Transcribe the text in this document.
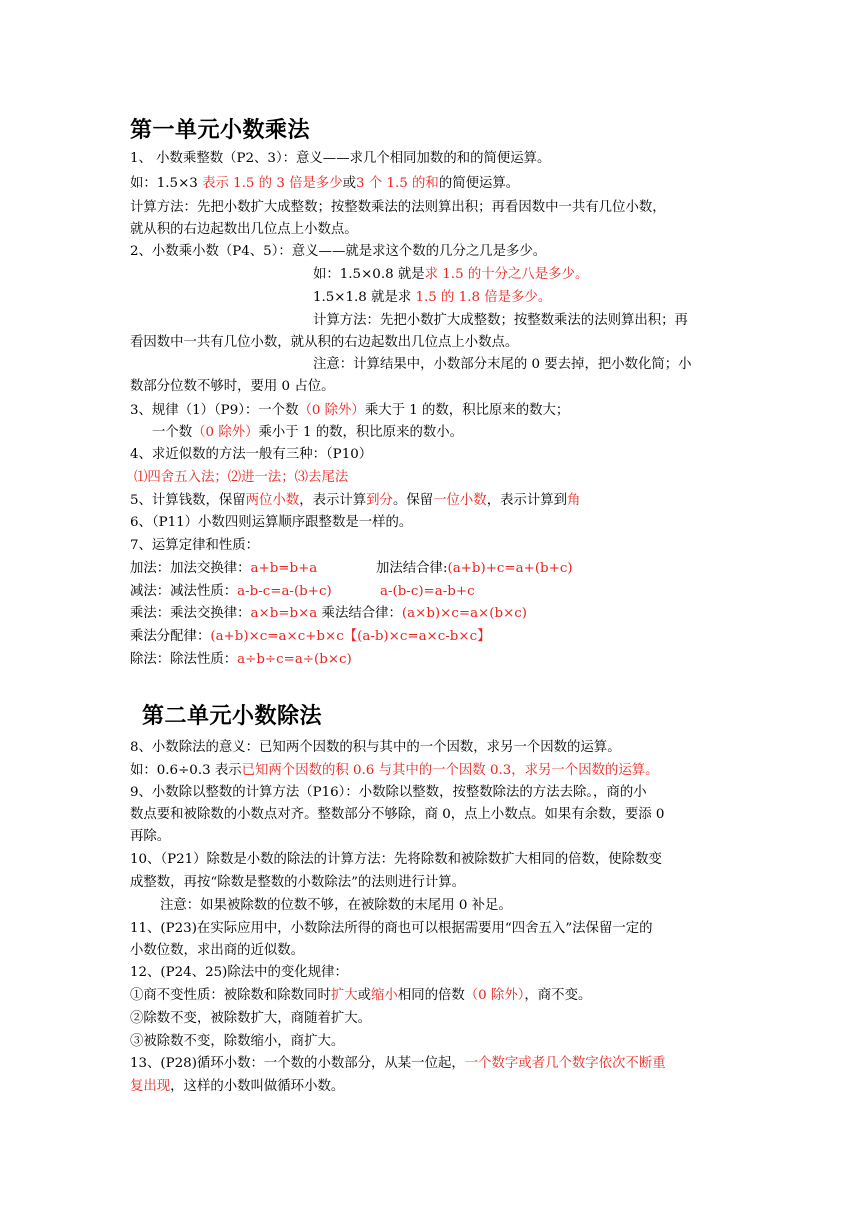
第一单元小数乘法
1、 小数乘整数（P2、3）：意义——求几个相同加数的和的简便运算。
如：1.5×3 表示 1.5 的 3 倍是多少或3 个 1.5 的和的简便运算。
计算方法：先把小数扩大成整数；按整数乘法的法则算出积；再看因数中一共有几位小数，
就从积的右边起数出几位点上小数点。
2、小数乘小数（P4、5）：意义——就是求这个数的几分之几是多少。
如：1.5×0.8 就是求 1.5 的十分之八是多少。
1.5×1.8 就是求 1.5 的 1.8 倍是多少。
计算方法：先把小数扩大成整数；按整数乘法的法则算出积；再
看因数中一共有几位小数，就从积的右边起数出几位点上小数点。
注意：计算结果中，小数部分末尾的 0 要去掉，把小数化简；小
数部分位数不够时，要用 0 占位。
3、规律（1）（P9）：一个数（0 除外）乘大于 1 的数，积比原来的数大；
一个数（0 除外）乘小于 1 的数，积比原来的数小。
4、求近似数的方法一般有三种：（P10）
⑴四舍五入法；⑵进一法；⑶去尾法
5、计算钱数，保留两位小数，表示计算到分。保留一位小数，表示计算到角
6、（P11）小数四则运算顺序跟整数是一样的。
7、运算定律和性质：
加法：加法交换律：a+b=b+a	加法结合律:(a+b)+c=a+(b+c)
减法：减法性质：a-b-c=a-(b+c)	a-(b-c)=a-b+c
乘法：乘法交换律：a×b=b×a 乘法结合律：(a×b)×c=a×(b×c)
乘法分配律：(a+b)×c=a×c+b×c【(a-b)×c=a×c-b×c】
除法：除法性质：a÷b÷c=a÷(b×c)
第二单元小数除法
8、小数除法的意义：已知两个因数的积与其中的一个因数，求另一个因数的运算。
如：0.6÷0.3 表示已知两个因数的积 0.6 与其中的一个因数 0.3，求另一个因数的运算。
9、小数除以整数的计算方法（P16）：小数除以整数，按整数除法的方法去除。，商的小
数点要和被除数的小数点对齐。整数部分不够除，商 0，点上小数点。如果有余数，要添 0
再除。
10、（P21）除数是小数的除法的计算方法：先将除数和被除数扩大相同的倍数，使除数变
成整数，再按“除数是整数的小数除法”的法则进行计算。
注意：如果被除数的位数不够，在被除数的末尾用 0 补足。
11、(P23)在实际应用中，小数除法所得的商也可以根据需要用“四舍五入”法保留一定的
小数位数，求出商的近似数。
12、(P24、25)除法中的变化规律：
①商不变性质：被除数和除数同时扩大或缩小相同的倍数（0 除外），商不变。
②除数不变，被除数扩大，商随着扩大。
③被除数不变，除数缩小，商扩大。
13、(P28)循环小数：一个数的小数部分，从某一位起，一个数字或者几个数字依次不断重
复出现，这样的小数叫做循环小数。
